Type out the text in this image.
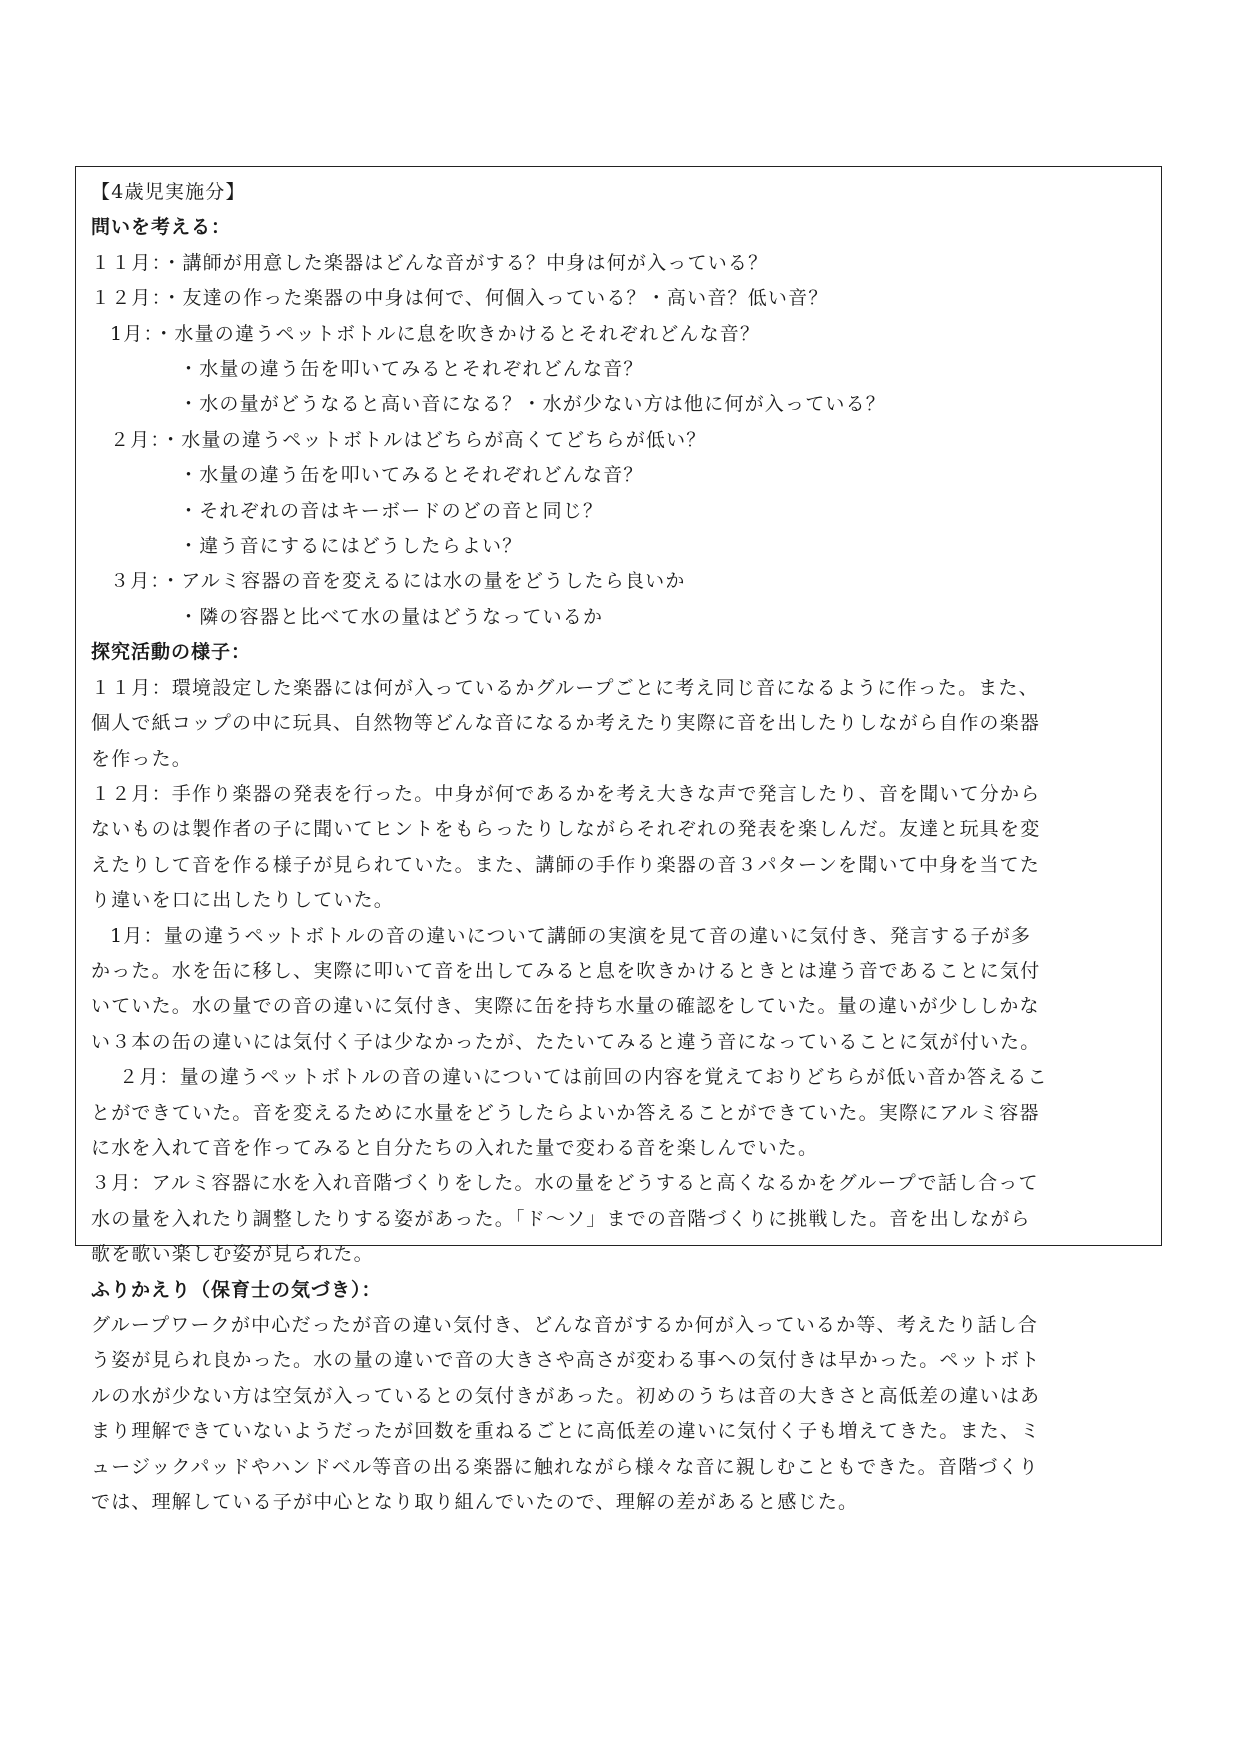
【4歳児実施分】
問いを考える：
１１月：・講師が用意した楽器はどんな音がする？中身は何が入っている？
１２月：・友達の作った楽器の中身は何で、何個入っている？・高い音？低い音？
1月：・水量の違うペットボトルに息を吹きかけるとそれぞれどんな音？
・水量の違う缶を叩いてみるとそれぞれどんな音？
・水の量がどうなると高い音になる？・水が少ない方は他に何が入っている？
２月：・水量の違うペットボトルはどちらが高くてどちらが低い？
・水量の違う缶を叩いてみるとそれぞれどんな音？
・それぞれの音はキーボードのどの音と同じ？
・違う音にするにはどうしたらよい？
３月：・アルミ容器の音を変えるには水の量をどうしたら良いか
・隣の容器と比べて水の量はどうなっているか
探究活動の様子：
１１月：環境設定した楽器には何が入っているかグループごとに考え同じ音になるように作った。また、
個人で紙コップの中に玩具、自然物等どんな音になるか考えたり実際に音を出したりしながら自作の楽器
を作った。
１２月：手作り楽器の発表を行った。中身が何であるかを考え大きな声で発言したり、音を聞いて分から
ないものは製作者の子に聞いてヒントをもらったりしながらそれぞれの発表を楽しんだ。友達と玩具を変
えたりして音を作る様子が見られていた。また、講師の手作り楽器の音３パターンを聞いて中身を当てた
り違いを口に出したりしていた。
1月：量の違うペットボトルの音の違いについて講師の実演を見て音の違いに気付き、発言する子が多
かった。水を缶に移し、実際に叩いて音を出してみると息を吹きかけるときとは違う音であることに気付
いていた。水の量での音の違いに気付き、実際に缶を持ち水量の確認をしていた。量の違いが少ししかな
い３本の缶の違いには気付く子は少なかったが、たたいてみると違う音になっていることに気が付いた。
２月：量の違うペットボトルの音の違いについては前回の内容を覚えておりどちらが低い音か答えるこ
とができていた。音を変えるために水量をどうしたらよいか答えることができていた。実際にアルミ容器
に水を入れて音を作ってみると自分たちの入れた量で変わる音を楽しんでいた。
３月：アルミ容器に水を入れ音階づくりをした。水の量をどうすると高くなるかをグループで話し合って
水の量を入れたり調整したりする姿があった。「ド～ソ」までの音階づくりに挑戦した。音を出しながら
歌を歌い楽しむ姿が見られた。
ふりかえり（保育士の気づき）：
グループワークが中心だったが音の違い気付き、どんな音がするか何が入っているか等、考えたり話し合
う姿が見られ良かった。水の量の違いで音の大きさや高さが変わる事への気付きは早かった。ペットボト
ルの水が少ない方は空気が入っているとの気付きがあった。初めのうちは音の大きさと高低差の違いはあ
まり理解できていないようだったが回数を重ねるごとに高低差の違いに気付く子も増えてきた。また、ミ
ュージックパッドやハンドベル等音の出る楽器に触れながら様々な音に親しむこともできた。音階づくり
では、理解している子が中心となり取り組んでいたので、理解の差があると感じた。
